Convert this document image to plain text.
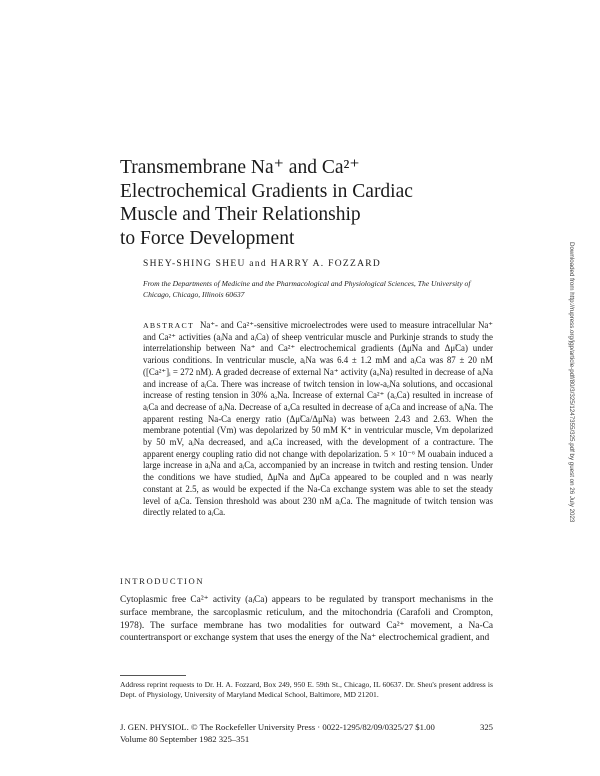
Transmembrane Na⁺ and Ca²⁺
Electrochemical Gradients in Cardiac
Muscle and Their Relationship
to Force Development
SHEY-SHING SHEU and HARRY A. FOZZARD
From the Departments of Medicine and the Pharmacological and Physiological Sciences, The University of Chicago, Chicago, Illinois 60637

ABSTRACT Na⁺- and Ca²⁺-sensitive microelectrodes were used to measure intracellular Na⁺ and Ca²⁺ activities (aᵢNa and aᵢCa) of sheep ventricular muscle and Purkinje strands to study the interrelationship between Na⁺ and Ca²⁺ electrochemical gradients (Δμ̃Na and Δμ̃Ca) under various conditions. In ventricular muscle, aᵢNa was 6.4 ± 1.2 mM and aᵢCa was 87 ± 20 nM ([Ca²⁺]ᵢ = 272 nM). A graded decrease of external Na⁺ activity (aₒNa) resulted in decrease of aᵢNa and increase of aᵢCa. There was increase of twitch tension in low-aₒNa solutions, and occasional increase of resting tension in 30% aₒNa. Increase of external Ca²⁺ (aₒCa) resulted in increase of aᵢCa and decrease of aᵢNa. Decrease of aₒCa resulted in decrease of aᵢCa and increase of aᵢNa. The apparent resting Na-Ca energy ratio (Δμ̃Ca/Δμ̃Na) was between 2.43 and 2.63. When the membrane potential (Vm) was depolarized by 50 mM K⁺ in ventricular muscle, Vm depolarized by 50 mV, aᵢNa decreased, and aᵢCa increased, with the development of a contracture. The apparent energy coupling ratio did not change with depolarization. 5 × 10⁻⁶ M ouabain induced a large increase in aᵢNa and aᵢCa, accompanied by an increase in twitch and resting tension. Under the conditions we have studied, Δμ̃Na and Δμ̃Ca appeared to be coupled and n was nearly constant at 2.5, as would be expected if the Na-Ca exchange system was able to set the steady level of aᵢCa. Tension threshold was about 230 nM aᵢCa. The magnitude of twitch tension was directly related to aᵢCa.

INTRODUCTION

Cytoplasmic free Ca²⁺ activity (aᵢCa) appears to be regulated by transport mechanisms in the surface membrane, the sarcoplasmic reticulum, and the mitochondria (Carafoli and Crompton, 1978). The surface membrane has two modalities for outward Ca²⁺ movement, a Na-Ca countertransport or exchange system that uses the energy of the Na⁺ electrochemical gradient, and

Address reprint requests to Dr. H. A. Fozzard, Box 249, 950 E. 59th St., Chicago, IL 60637. Dr. Sheu's present address is Dept. of Physiology, University of Maryland Medical School, Baltimore, MD 21201.

J. GEN. PHYSIOL. © The Rockefeller University Press · 0022-1295/82/09/0325/27 $1.00	325
Volume 80 September 1982 325–351
Downloaded from http://rupress.org/jgp/article-pdf/80/3/325/1247355/325.pdf by guest on 26 July 2023
